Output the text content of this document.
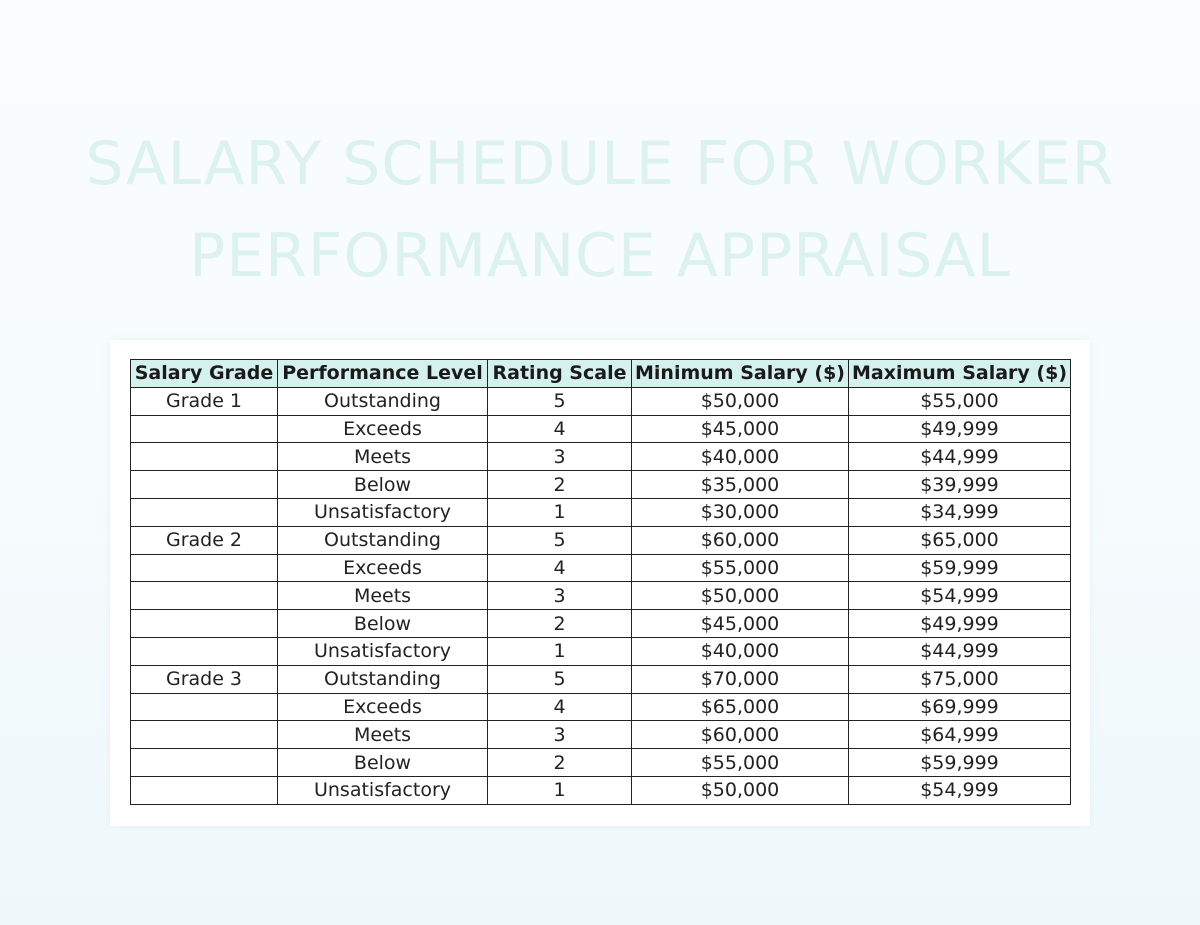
SALARY SCHEDULE FOR WORKER
PERFORMANCE APPRAISAL
Salary Grade	Performance Level	Rating Scale	Minimum Salary ($)	Maximum Salary ($)
Grade 1	Outstanding	5	$50,000	$55,000
	Exceeds	4	$45,000	$49,999
	Meets	3	$40,000	$44,999
	Below	2	$35,000	$39,999
	Unsatisfactory	1	$30,000	$34,999
Grade 2	Outstanding	5	$60,000	$65,000
	Exceeds	4	$55,000	$59,999
	Meets	3	$50,000	$54,999
	Below	2	$45,000	$49,999
	Unsatisfactory	1	$40,000	$44,999
Grade 3	Outstanding	5	$70,000	$75,000
	Exceeds	4	$65,000	$69,999
	Meets	3	$60,000	$64,999
	Below	2	$55,000	$59,999
	Unsatisfactory	1	$50,000	$54,999
